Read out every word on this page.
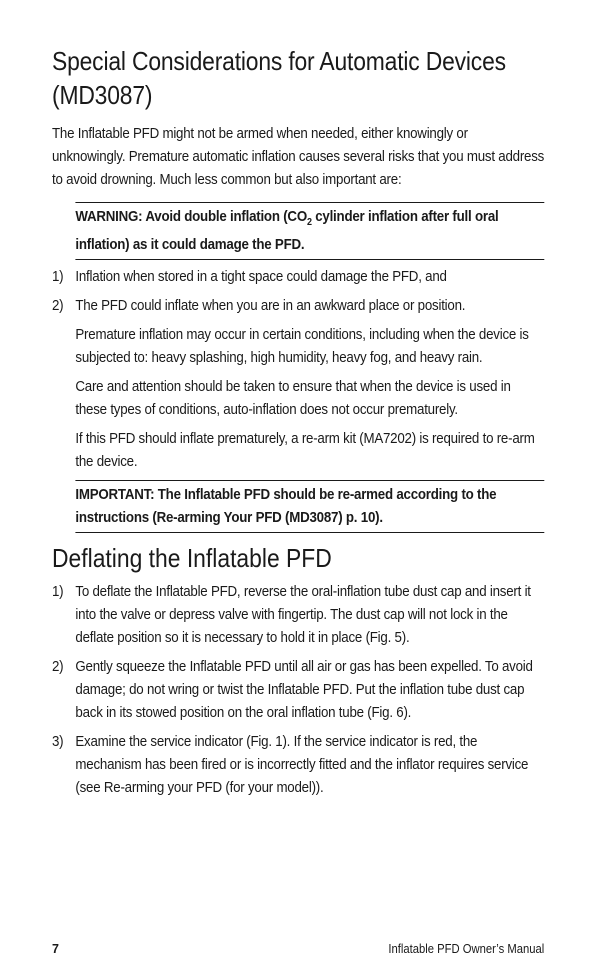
Special Considerations for Automatic Devices (MD3087)

The Inflatable PFD might not be armed when needed, either knowingly or unknowingly. Premature automatic inflation causes several risks that you must address to avoid drowning. Much less common but also important are:

WARNING: Avoid double inflation ($CO_2$ cylinder inflation after full oral inflation) as it could damage the PFD.
1) Inflation when stored in a tight space could damage the PFD, and
2) The PFD could inflate when you are in an awkward place or position.

Premature inflation may occur in certain conditions, including when the device is subjected to: heavy splashing, high humidity, heavy fog, and heavy rain.

Care and attention should be taken to ensure that when the device is used in these types of conditions, auto-inflation does not occur prematurely.

If this PFD should inflate prematurely, a re-arm kit (MA7202) is required to re-arm the device.

IMPORTANT: The Inflatable PFD should be re-armed according to the instructions (Re-arming Your PFD (MD3087) p. 10).
Deflating the Inflatable PFD
1) To deflate the Inflatable PFD, reverse the oral-inflation tube dust cap and insert it into the valve or depress valve with fingertip. The dust cap will not lock in the deflate position so it is necessary to hold it in place (Fig. 5).
2) Gently squeeze the Inflatable PFD until all air or gas has been expelled. To avoid damage; do not wring or twist the Inflatable PFD. Put the inflation tube dust cap back in its stowed position on the oral inflation tube (Fig. 6).
3) Examine the service indicator (Fig. 1). If the service indicator is red, the mechanism has been fired or is incorrectly fitted and the inflator requires service (see Re-arming your PFD (for your model)).
7	Inflatable PFD Owner’s Manual
